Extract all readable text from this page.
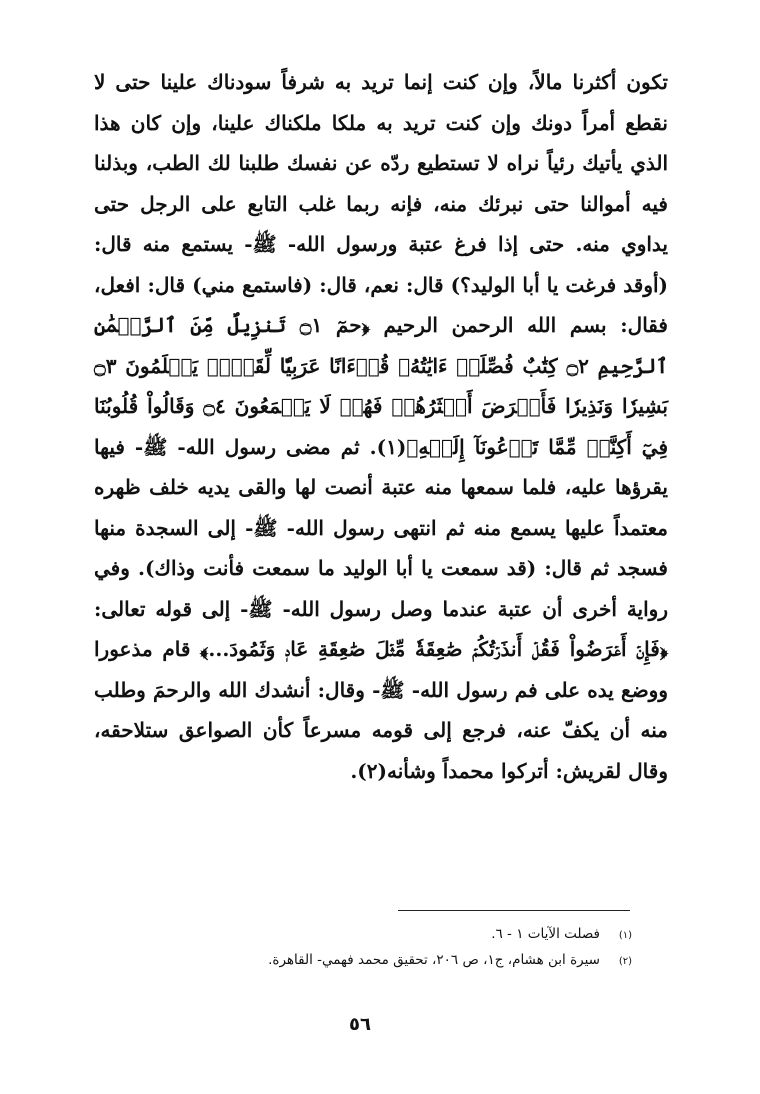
تكون أكثرنا مالاً، وإن كنت إنما تريد به شرفاً سودناك علينا حتى لا نقطع أمراً دونك وإن كنت تريد به ملكا ملكناك علينا، وإن كان هذا الذي يأتيك رئياً نراه لا تستطيع ردّه عن نفسك طلبنا لك الطب، وبذلنا فيه أموالنا حتى نبرئك منه، فإنه ربما غلب التابع على الرجل حتى يداوي منه. حتى إذا فرغ عتبة ورسول الله- ﷺ- يستمع منه قال: (أوقد فرغت يا أبا الوليد؟) قال: نعم، قال: (فاستمع مني) قال: افعل، فقال: بسم الله الرحمن الرحيم ﴿حمٓ ۝١ تَنزِيلٌ مِّنَ ٱلرَّحۡمَٰنِ ٱلرَّحِيمِ ۝٢ كِتَٰبٌ فُصِّلَتۡ ءَايَٰتُهُۥ قُرۡءَانًا عَرَبِيّٗا لِّقَوۡمٖ يَعۡلَمُونَ ۝٣ بَشِيرٗا وَنَذِيرٗا فَأَعۡرَضَ أَكۡثَرُهُمۡ فَهُمۡ لَا يَسۡمَعُونَ ۝٤ وَقَالُواْ قُلُوبُنَا فِيٓ أَكِنَّةٖ مِّمَّا تَدۡعُونَآ إِلَيۡهِ﴾(١). ثم مضى رسول الله- ﷺ- فيها يقرؤها عليه، فلما سمعها منه عتبة أنصت لها والقى يديه خلف ظهره معتمداً عليها يسمع منه ثم انتهى رسول الله- ﷺ- إلى السجدة منها فسجد ثم قال: (قد سمعت يا أبا الوليد ما سمعت فأنت وذاك). وفي رواية أخرى أن عتبة عندما وصل رسول الله- ﷺ- إلى قوله تعالى: ﴿فَإِنۡ أَعۡرَضُواْ فَقُلۡ أَنذَرۡتُكُمۡ صَٰعِقَةٗ مِّثۡلَ صَٰعِقَةِ عَادٖ وَثَمُودَ...﴾ قام مذعورا ووضع يده على فم رسول الله- ﷺ- وقال: أنشدك الله والرحمَ وطلب منه أن يكفّ عنه، فرجع إلى قومه مسرعاً كأن الصواعق ستلاحقه، وقال لقريش: أتركوا محمداً وشأنه(٢).

(١)
فصلت الآيات ١ - ٦.
(٢)
سيرة ابن هشام، ج١، ص ٢٠٦، تحقيق محمد فهمي- القاهرة.
٥٦
